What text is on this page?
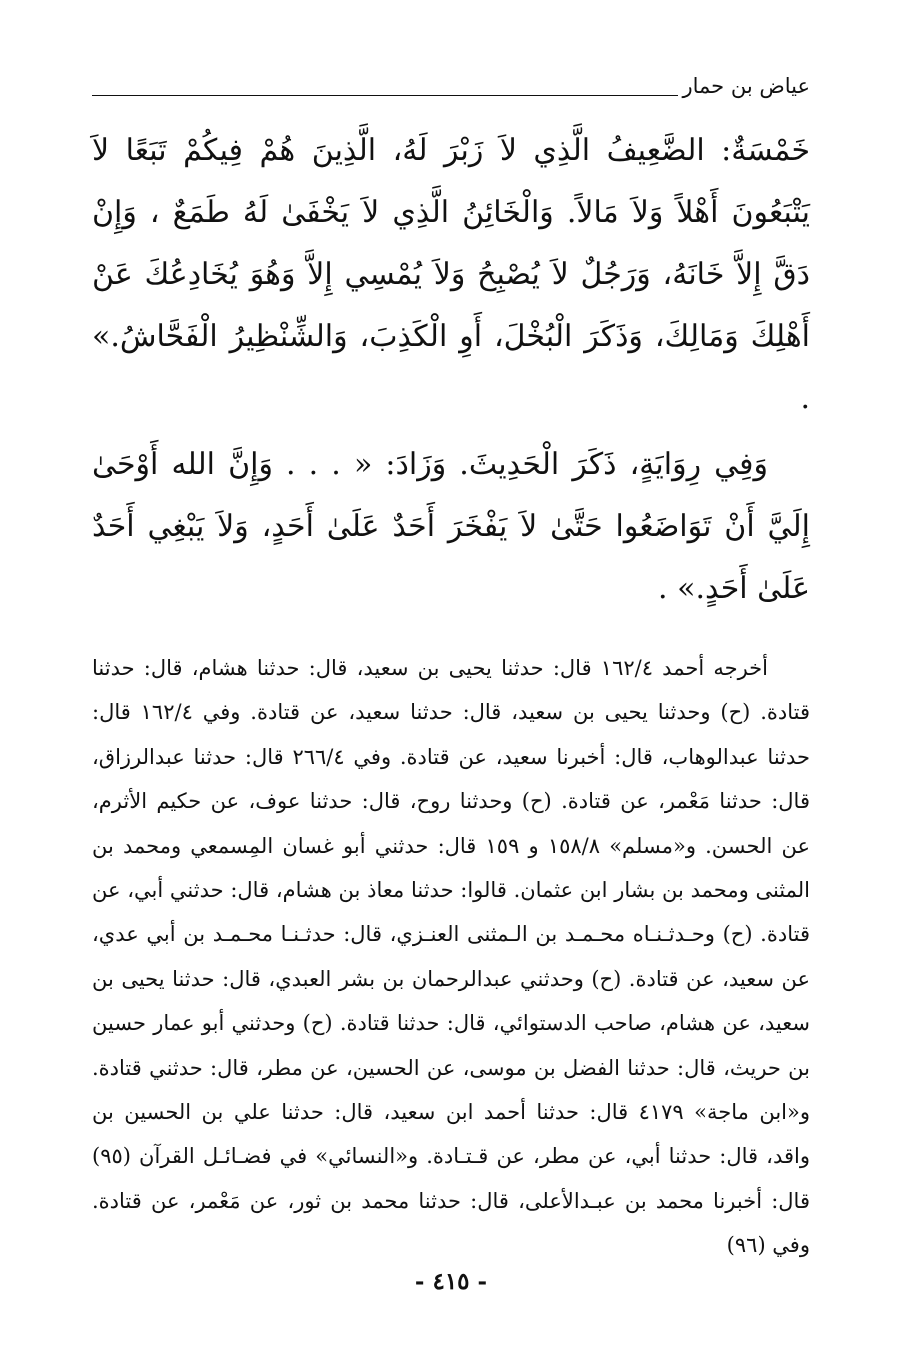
عياض بن حمار

خَمْسَةٌ: الضَّعِيفُ الَّذِي لاَ زَبْرَ لَهُ، الَّذِينَ هُمْ فِيكُمْ تَبَعًا لاَ يَتْبَعُونَ أَهْلاً وَلاَ مَالاً. وَالْخَائِنُ الَّذِي لاَ يَخْفَىٰ لَهُ طَمَعٌ ، وَإِنْ دَقَّ إِلاَّ خَانَهُ، وَرَجُلٌ لاَ يُصْبِحُ وَلاَ يُمْسِي إِلاَّ وَهُوَ يُخَادِعُكَ عَنْ أَهْلِكَ وَمَالِكَ، وَذَكَرَ الْبُخْلَ، أَوِ الْكَذِبَ، وَالشِّنْظِيرُ الْفَحَّاشُ.» .

وَفِي رِوَايَةٍ، ذَكَرَ الْحَدِيثَ. وَزَادَ: « . . . وَإِنَّ الله أَوْحَىٰ إِلَيَّ أَنْ تَوَاضَعُوا حَتَّىٰ لاَ يَفْخَرَ أَحَدٌ عَلَىٰ أَحَدٍ، وَلاَ يَبْغِي أَحَدٌ عَلَىٰ أَحَدٍ.» .

أخرجه أحمد ١٦٢/٤ قال: حدثنا يحيى بن سعيد، قال: حدثنا هشام، قال: حدثنا قتادة. (ح) وحدثنا يحيى بن سعيد، قال: حدثنا سعيد، عن قتادة. وفي ١٦٢/٤ قال: حدثنا عبدالوهاب، قال: أخبرنا سعيد، عن قتادة. وفي ٢٦٦/٤ قال: حدثنا عبدالرزاق، قال: حدثنا مَعْمر، عن قتادة. (ح) وحدثنا روح، قال: حدثنا عوف، عن حكيم الأثرم، عن الحسن. و«مسلم» ١٥٨/٨ و ١٥٩ قال: حدثني أبو غسان المِسمعي ومحمد بن المثنى ومحمد بن بشار ابن عثمان. قالوا: حدثنا معاذ بن هشام، قال: حدثني أبي، عن قتادة. (ح) وحـدثـنـاه محـمـد بن الـمثنى العنـزي، قال: حدثـنـا محـمـد بن أبي عدي، عن سعيد، عن قتادة. (ح) وحدثني عبدالرحمان بن بشر العبدي، قال: حدثنا يحيى بن سعيد، عن هشام، صاحب الدستوائي، قال: حدثنا قتادة. (ح) وحدثني أبو عمار حسين بن حريث، قال: حدثنا الفضل بن موسى، عن الحسين، عن مطر، قال: حدثني قتادة. و«ابن ماجة» ٤١٧٩ قال: حدثنا أحمد ابن سعيد، قال: حدثنا علي بن الحسين بن واقد، قال: حدثنا أبي، عن مطر، عن قـتـادة. و«النسائي» في فضـائـل القرآن (٩٥) قال: أخبرنا محمد بن عبـدالأعلى، قال: حدثنا محمد بن ثور، عن مَعْمر، عن قتادة. وفي (٩٦)

- ٤١٥ -
